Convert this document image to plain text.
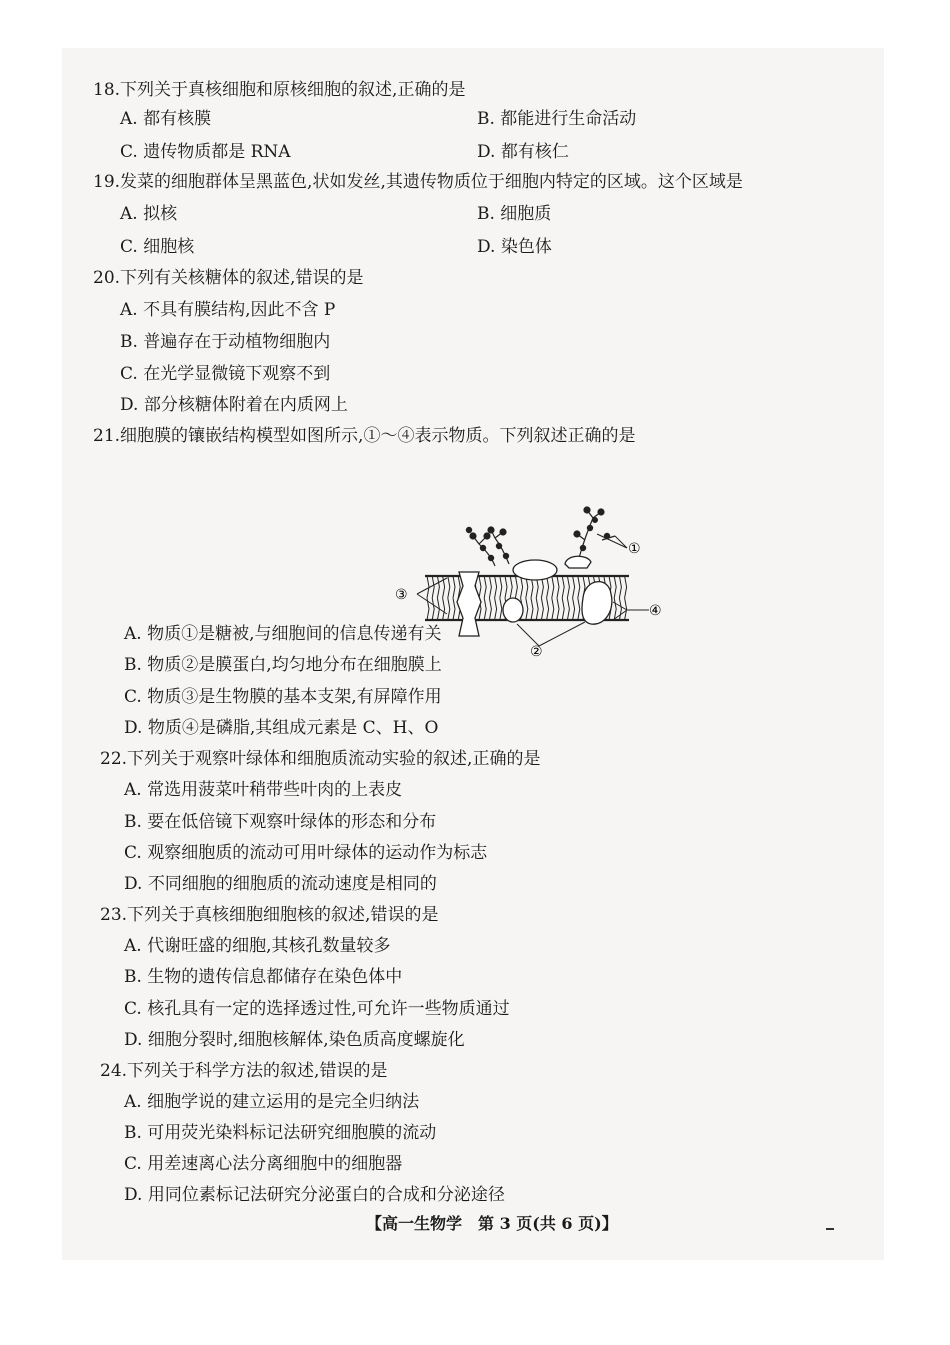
18.下列关于真核细胞和原核细胞的叙述,正确的是
A. 都有核膜	B. 都能进行生命活动
C. 遗传物质都是 RNA	D. 都有核仁
19.发菜的细胞群体呈黑蓝色,状如发丝,其遗传物质位于细胞内特定的区域。这个区域是
A. 拟核	B. 细胞质
C. 细胞核	D. 染色体
20.下列有关核糖体的叙述,错误的是
A. 不具有膜结构,因此不含 P
B. 普遍存在于动植物细胞内
C. 在光学显微镜下观察不到
D. 部分核糖体附着在内质网上
21.细胞膜的镶嵌结构模型如图所示,①～④表示物质。下列叙述正确的是
A. 物质①是糖被,与细胞间的信息传递有关
B. 物质②是膜蛋白,均匀地分布在细胞膜上
C. 物质③是生物膜的基本支架,有屏障作用
D. 物质④是磷脂,其组成元素是 C、H、O
22.下列关于观察叶绿体和细胞质流动实验的叙述,正确的是
A. 常选用菠菜叶稍带些叶肉的上表皮
B. 要在低倍镜下观察叶绿体的形态和分布
C. 观察细胞质的流动可用叶绿体的运动作为标志
D. 不同细胞的细胞质的流动速度是相同的
23.下列关于真核细胞细胞核的叙述,错误的是
A. 代谢旺盛的细胞,其核孔数量较多
B. 生物的遗传信息都储存在染色体中
C. 核孔具有一定的选择透过性,可允许一些物质通过
D. 细胞分裂时,细胞核解体,染色质高度螺旋化
24.下列关于科学方法的叙述,错误的是
A. 细胞学说的建立运用的是完全归纳法
B. 可用荧光染料标记法研究细胞膜的流动
C. 用差速离心法分离细胞中的细胞器
D. 用同位素标记法研究分泌蛋白的合成和分泌途径
①
②
③
④
【高一生物学　第 3 页(共 6 页)】
